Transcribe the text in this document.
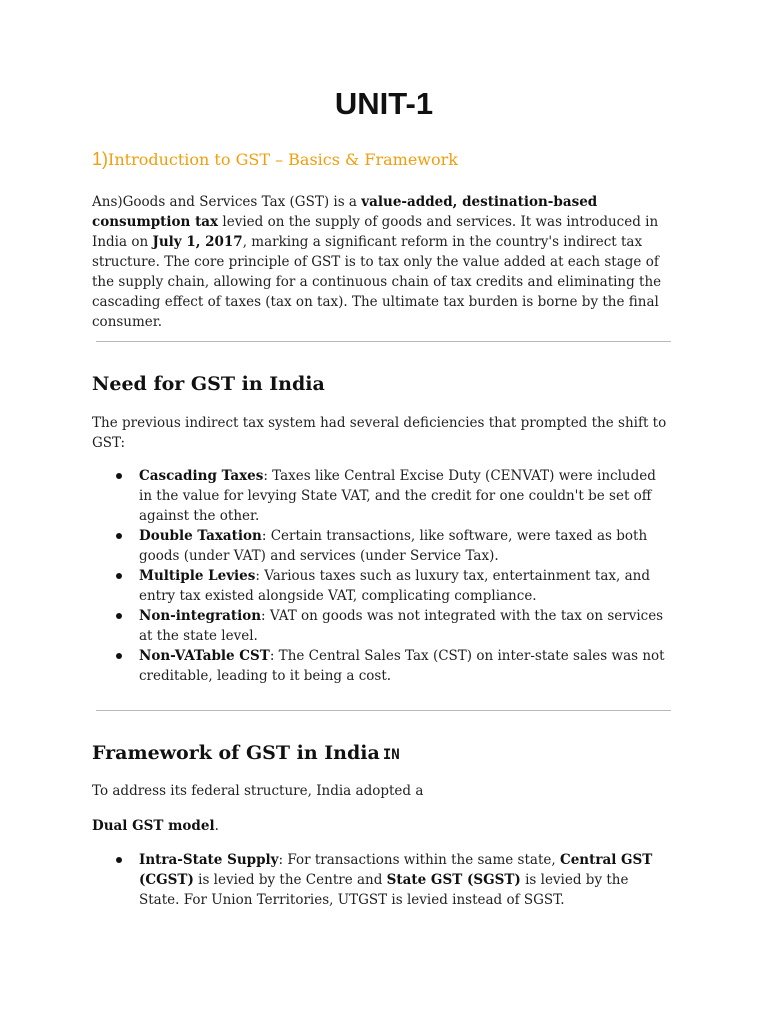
UNIT-1
1)Introduction to GST – Basics & Framework
Ans)Goods and Services Tax (GST) is a value-added, destination-based consumption tax levied on the supply of goods and services. It was introduced in India on July 1, 2017, marking a significant reform in the country's indirect tax structure. The core principle of GST is to tax only the value added at each stage of the supply chain, allowing for a continuous chain of tax credits and eliminating the cascading effect of taxes (tax on tax). The ultimate tax burden is borne by the final consumer.
Need for GST in India
The previous indirect tax system had several deficiencies that prompted the shift to GST:
Cascading Taxes: Taxes like Central Excise Duty (CENVAT) were included in the value for levying State VAT, and the credit for one couldn't be set off against the other.
Double Taxation: Certain transactions, like software, were taxed as both goods (under VAT) and services (under Service Tax).
Multiple Levies: Various taxes such as luxury tax, entertainment tax, and entry tax existed alongside VAT, complicating compliance.
Non-integration: VAT on goods was not integrated with the tax on services at the state level.
Non-VATable CST: The Central Sales Tax (CST) on inter-state sales was not creditable, leading to it being a cost.
Framework of GST in India IN
To address its federal structure, India adopted a
Dual GST model.
Intra-State Supply: For transactions within the same state, Central GST (CGST) is levied by the Centre and State GST (SGST) is levied by the State. For Union Territories, UTGST is levied instead of SGST.
